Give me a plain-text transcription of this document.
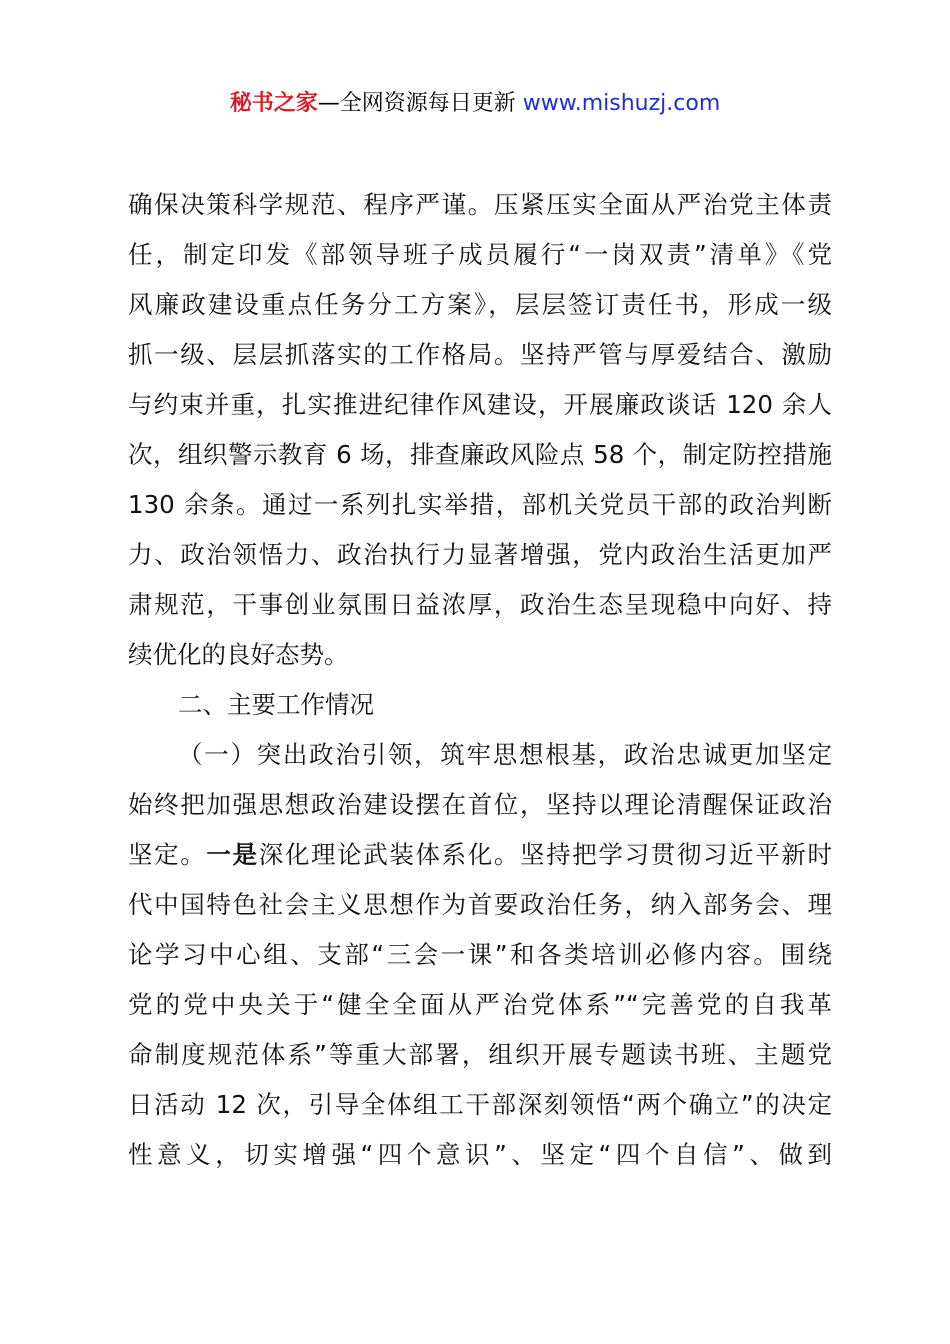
秘书之家—全网资源每日更新 www.mishuzj.com
确保决策科学规范、程序严谨。压紧压实全面从严治党主体责
任，制定印发《部领导班子成员履行“一岗双责”清单》《党
风廉政建设重点任务分工方案》，层层签订责任书，形成一级
抓一级、层层抓落实的工作格局。坚持严管与厚爱结合、激励
与约束并重，扎实推进纪律作风建设，开展廉政谈话 120 余人
次，组织警示教育 6 场，排查廉政风险点 58 个，制定防控措施
130 余条。通过一系列扎实举措，部机关党员干部的政治判断
力、政治领悟力、政治执行力显著增强，党内政治生活更加严
肃规范，干事创业氛围日益浓厚，政治生态呈现稳中向好、持
续优化的良好态势。
二、主要工作情况
（一）突出政治引领，筑牢思想根基，政治忠诚更加坚定
始终把加强思想政治建设摆在首位，坚持以理论清醒保证政治
坚定。一是深化理论武装体系化。坚持把学习贯彻习近平新时
代中国特色社会主义思想作为首要政治任务，纳入部务会、理
论学习中心组、支部“三会一课”和各类培训必修内容。围绕
党的党中央关于“健全全面从严治党体系”“完善党的自我革
命制度规范体系”等重大部署，组织开展专题读书班、主题党
日活动 12 次，引导全体组工干部深刻领悟“两个确立”的决定
性意义，切实增强“四个意识”、坚定“四个自信”、做到
